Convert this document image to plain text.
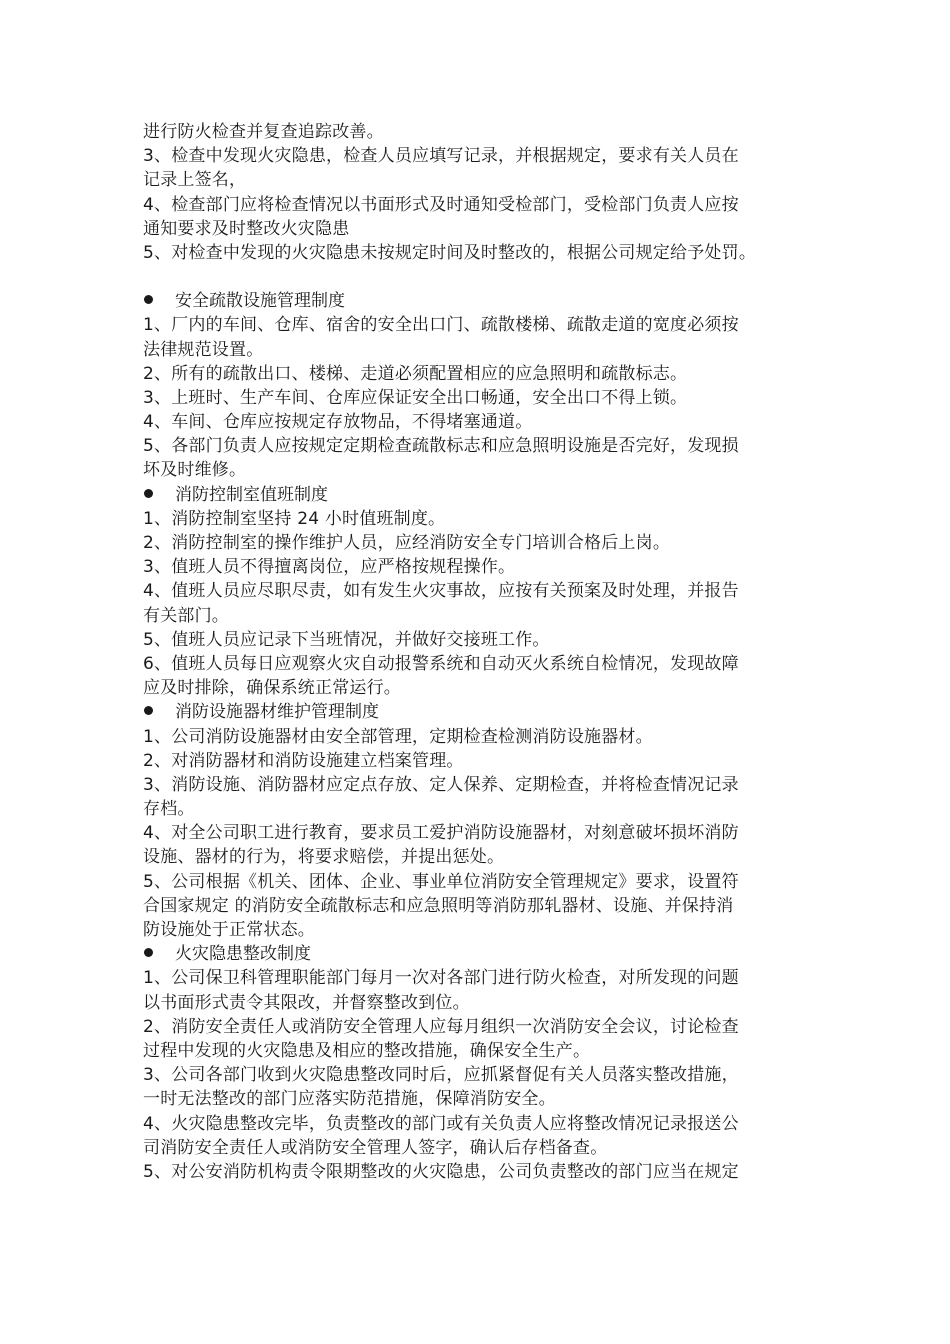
进行防火检查并复查追踪改善。
3、检查中发现火灾隐患，检查人员应填写记录，并根据规定，要求有关人员在
记录上签名，
4、检查部门应将检查情况以书面形式及时通知受检部门，受检部门负责人应按
通知要求及时整改火灾隐患
5、对检查中发现的火灾隐患未按规定时间及时整改的，根据公司规定给予处罚。
安全疏散设施管理制度
1、厂内的车间、仓库、宿舍的安全出口门、疏散楼梯、疏散走道的宽度必须按
法律规范设置。
2、所有的疏散出口、楼梯、走道必须配置相应的应急照明和疏散标志。
3、上班时、生产车间、仓库应保证安全出口畅通，安全出口不得上锁。
4、车间、仓库应按规定存放物品，不得堵塞通道。
5、各部门负责人应按规定定期检查疏散标志和应急照明设施是否完好，发现损
坏及时维修。
消防控制室值班制度
1、消防控制室坚持 24 小时值班制度。
2、消防控制室的操作维护人员，应经消防安全专门培训合格后上岗。
3、值班人员不得擅离岗位，应严格按规程操作。
4、值班人员应尽职尽责，如有发生火灾事故，应按有关预案及时处理，并报告
有关部门。
5、值班人员应记录下当班情况，并做好交接班工作。
6、值班人员每日应观察火灾自动报警系统和自动灭火系统自检情况，发现故障
应及时排除，确保系统正常运行。
消防设施器材维护管理制度
1、公司消防设施器材由安全部管理，定期检查检测消防设施器材。
2、对消防器材和消防设施建立档案管理。
3、消防设施、消防器材应定点存放、定人保养、定期检查，并将检查情况记录
存档。
4、对全公司职工进行教育，要求员工爱护消防设施器材，对刻意破坏损坏消防
设施、器材的行为，将要求赔偿，并提出惩处。
5、公司根据《机关、团体、企业、事业单位消防安全管理规定》要求，设置符
合国家规定 的消防安全疏散标志和应急照明等消防那轧器材、设施、并保持消
防设施处于正常状态。
火灾隐患整改制度
1、公司保卫科管理职能部门每月一次对各部门进行防火检查，对所发现的问题
以书面形式责令其限改，并督察整改到位。
2、消防安全责任人或消防安全管理人应每月组织一次消防安全会议，讨论检查
过程中发现的火灾隐患及相应的整改措施，确保安全生产。
3、公司各部门收到火灾隐患整改同时后，应抓紧督促有关人员落实整改措施，
一时无法整改的部门应落实防范措施，保障消防安全。
4、火灾隐患整改完毕，负责整改的部门或有关负责人应将整改情况记录报送公
司消防安全责任人或消防安全管理人签字，确认后存档备查。
5、对公安消防机构责令限期整改的火灾隐患，公司负责整改的部门应当在规定
